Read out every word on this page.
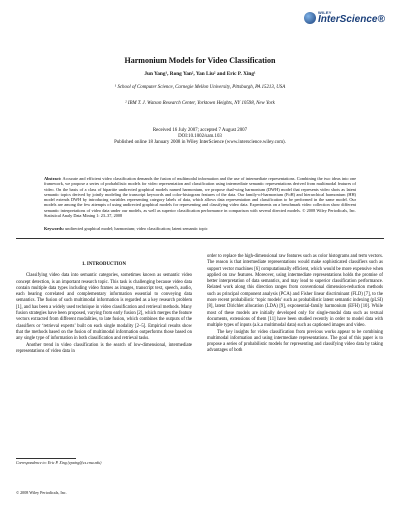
WILEY
InterScience®
Harmonium Models for Video Classification
Jun Yang¹, Rong Yan², Yan Liu² and Eric P. Xing¹
¹ School of Computer Science, Carnegie Mellon University, Pittsburgh, PA 15213, USA
² IBM T. J. Watson Research Center, Yorktown Heights, NY 10598, New York
Received 16 July 2007; accepted 7 August 2007
DOI:10.1002/sam.103
Published online 18 January 2008 in Wiley InterScience (www.interscience.wiley.com).
Abstract: Accurate and efficient video classification demands the fusion of multimodal information and the use of intermediate representations. Combining the two ideas into one framework, we propose a series of probabilistic models for video representation and classification using intermediate semantic representations derived from multimodal features of video. On the basis of a class of bipartite undirected graphical models named harmonium, we propose dual-wing harmonium (DWH) model that represents video shots as latent semantic topics derived by jointly modeling the transcript keywords and color-histogram features of the data. Our family-of-harmonium (FoH) and hierarchical harmonium (HH) model extends DWH by introducing variables representing category labels of data, which allows data representation and classification to be performed in the same model. Our models are among the few attempts of using undirected graphical models for representing and classifying video data. Experiments on a benchmark video collection show different semantic interpretations of video data under our models, as well as superior classification performance in comparison with several directed models. © 2008 Wiley Periodicals, Inc. Statistical Analy Data Mining 1: 23–37, 2008
Keywords: undirected graphical model; harmonium; video classification; latent semantic topic
1. INTRODUCTION

Classifying video data into semantic categories, sometimes known as semantic video concept detection, is an important research topic. This task is challenging because video data contain multiple data types including video frames as images, transcript text, speech, audio, each bearing correlated and complementary information essential to conveying data semantics. The fusion of such multimodal information is regarded as a key research problem [1], and has been a widely used technique in video classification and retrieval methods. Many fusion strategies have been proposed, varying from early fusion [2], which merges the feature vectors extracted from different modalities, to late fusion, which combines the outputs of the classifiers or ‘retrieval experts’ built on each single modality [2–5]. Empirical results show that the methods based on the fusion of multimodal information outperforms those based on any single type of information in both classification and retrieval tasks.

Another trend in video classification is the search of low-dimensional, intermediate representations of video data in

order to replace the high-dimensional raw features such as color histograms and term vectors. The reason is that intermediate representations would make sophisticated classifiers such as support vector machines [6] computationally efficient, which would be more expensive when applied on raw features. Moreover, using intermediate representations holds the promise of better interpretation of data semantics, and may lead to superior classification performance. Related work along this direction ranges from conventional dimension-reduction methods such as principal component analysis (PCA) and Fisher linear discriminant (FLD) [7], to the more recent probabilistic ‘topic models’ such as probabilistic latent semantic indexing (pLSI) [8], latent Dirichlet allocation (LDA) [9], exponential-family harmonium (EFH) [10]. While most of these models are initially developed only for single-modal data such as textual documents, extensions of them [11] have been studied recently in order to model data with multiple types of inputs (a.k.a multimodal data) such as captioned images and video.

The key insights for video classification from previous works appear to be combining multimodal information and using intermediate representations. The goal of this paper is to propose a series of probabilistic models for representing and classifying video data by taking advantages of both

Correspondence to: Eric P. Xing (epxing@cs.cmu.edu)
© 2008 Wiley Periodicals, Inc.
